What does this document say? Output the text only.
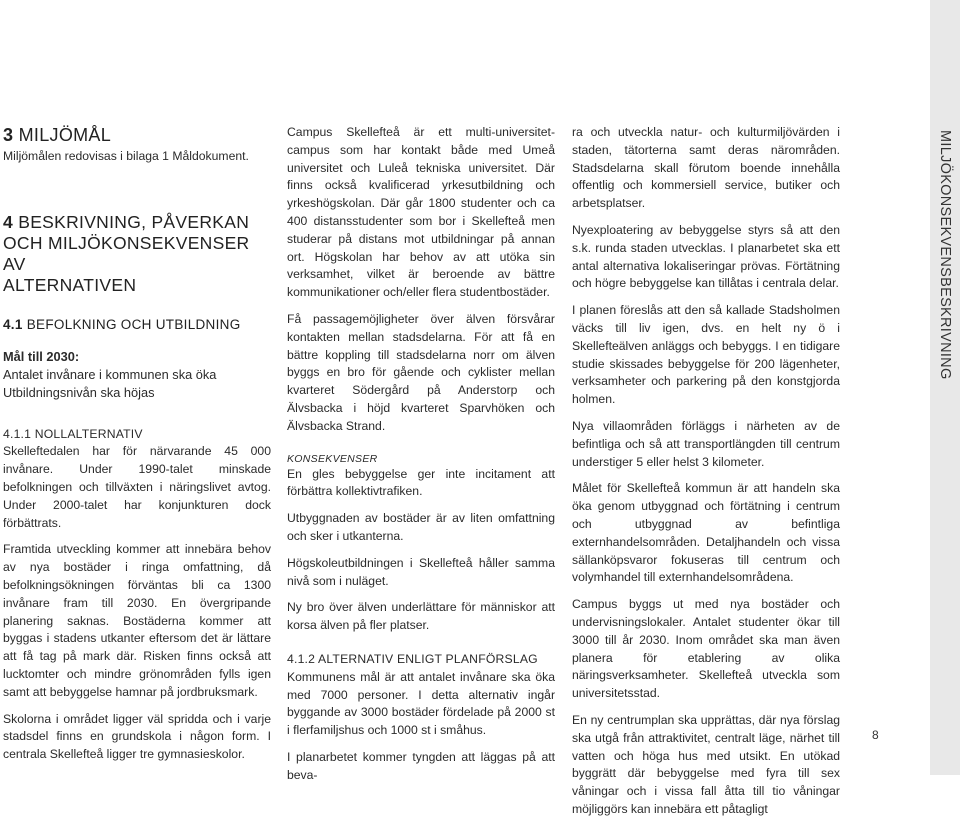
MILJÖKONSEKVENSBESKRIVNING
3 MILJÖMÅL

Miljömålen redovisas i bilaga 1 Måldokument.

4 BESKRIVNING, PÅVERKAN
OCH MILJÖKONSEKVENSER AV
ALTERNATIVEN
4.1 BEFOLKNING OCH UTBILDNING
Mål till 2030:
Antalet invånare i kommunen ska öka
Utbildningsnivån ska höjas
4.1.1 NOLLALTERNATIV

Skelleftedalen har för närvarande 45 000 invånare. Under 1990-talet minskade befolkningen och tillväxten i näringslivet avtog. Under 2000-talet har konjunkturen dock förbättrats.

Framtida utveckling kommer att innebära behov av nya bostäder i ringa omfattning, då befolkningsökningen förväntas bli ca 1300 invånare fram till 2030. En övergripande planering saknas. Bostäderna kommer att byggas i stadens utkanter eftersom det är lättare att få tag på mark där. Risken finns också att lucktomter och mindre grönområden fylls igen samt att bebyggelse hamnar på jordbruksmark.

Skolorna i området ligger väl spridda och i varje stadsdel finns en grundskola i någon form. I centrala Skellefteå ligger tre gymnasieskolor.

Campus Skellefteå är ett multi-universitet-campus som har kontakt både med Umeå universitet och Luleå tekniska universitet. Där finns också kvalificerad yrkesutbildning och yrkeshögskolan. Där går 1800 studenter och ca 400 distansstudenter som bor i Skellefteå men studerar på distans mot utbildningar på annan ort. Högskolan har behov av att utöka sin verksamhet, vilket är beroende av bättre kommunikationer och/eller flera studentbostäder.

Få passagemöjligheter över älven försvårar kontakten mellan stadsdelarna. För att få en bättre koppling till stadsdelarna norr om älven byggs en bro för gående och cyklister mellan kvarteret Södergård på Anderstorp och Älvsbacka i höjd kvarteret Sparvhöken och Älvsbacka Strand.

KONSEKVENSER

En gles bebyggelse ger inte incitament att förbättra kollektivtrafiken.

Utbyggnaden av bostäder är av liten omfattning och sker i utkanterna.

Högskoleutbildningen i Skellefteå håller samma nivå som i nuläget.

Ny bro över älven underlättare för människor att korsa älven på fler platser.

4.1.2 ALTERNATIV ENLIGT PLANFÖRSLAG

Kommunens mål är att antalet invånare ska öka med 7000 personer. I detta alternativ ingår byggande av 3000 bostäder fördelade på 2000 st i flerfamiljshus och 1000 st i småhus.

I planarbetet kommer tyngden att läggas på att beva-

ra och utveckla natur- och kulturmiljövärden i staden, tätorterna samt deras närområden. Stadsdelarna skall förutom boende innehålla offentlig och kommersiell service, butiker och arbetsplatser.

Nyexploatering av bebyggelse styrs så att den s.k. runda staden utvecklas. I planarbetet ska ett antal alternativa lokaliseringar prövas. Förtätning och högre bebyggelse kan tillåtas i centrala delar.

I planen föreslås att den så kallade Stadsholmen väcks till liv igen, dvs. en helt ny ö i Skellefteälven anläggs och bebyggs. I en tidigare studie skissades bebyggelse för 200 lägenheter, verksamheter och parkering på den konstgjorda holmen.

Nya villaområden förläggs i närheten av de befintliga och så att transportlängden till centrum understiger 5 eller helst 3 kilometer.

Målet för Skellefteå kommun är att handeln ska öka genom utbyggnad och förtätning i centrum och utbyggnad av befintliga externhandelsområden. Detaljhandeln och vissa sällanköpsvaror fokuseras till centrum och volymhandel till externhandelsområdena.

Campus byggs ut med nya bostäder och undervisningslokaler. Antalet studenter ökar till 3000 till år 2030. Inom området ska man även planera för etablering av olika näringsverksamheter. Skellefteå utveckla som universitetsstad.

En ny centrumplan ska upprättas, där nya förslag ska utgå från attraktivitet, centralt läge, närhet till vatten och höga hus med utsikt. En utökad byggrätt där bebyggelse med fyra till sex våningar och i vissa fall åtta till tio våningar möjliggörs kan innebära ett påtagligt

8
